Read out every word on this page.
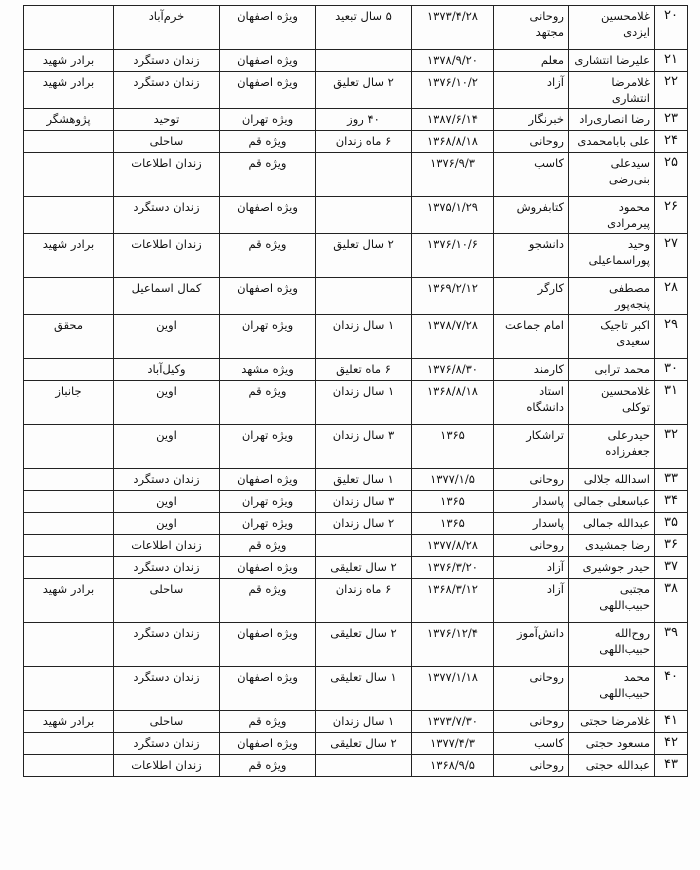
۲۰	غلامحسین ایزدی	روحانی مجتهد	۱۳۷۳/۴/۲۸	۵ سال تبعید	ویژه اصفهان	خرم‌آباد	
۲۱	علیرضا انتشاری	معلم	۱۳۷۸/۹/۲۰		ویژه اصفهان	زندان دستگرد	برادر شهید
۲۲	غلامرضا انتشاری	آزاد	۱۳۷۶/۱۰/۲	۲ سال تعلیق	ویژه اصفهان	زندان دستگرد	برادر شهید
۲۳	رضا انصاری‌راد	خبرنگار	۱۳۸۷/۶/۱۴	۴۰ روز	ویژه تهران	توحید	پژوهشگر
۲۴	علی بابامحمدی	روحانی	۱۳۶۸/۸/۱۸	۶ ماه زندان	ویژه قم	ساحلی	
۲۵	سیدعلی بنی‌رضی	کاسب	۱۳۷۶/۹/۳		ویژه قم	زندان اطلاعات	
۲۶	محمود پیرمرادی	کتابفروش	۱۳۷۵/۱/۲۹		ویژه اصفهان	زندان دستگرد	
۲۷	وحید پوراسماعیلی	دانشجو	۱۳۷۶/۱۰/۶	۲ سال تعلیق	ویژه قم	زندان اطلاعات	برادر شهید
۲۸	مصطفی پنجه‌پور	کارگر	۱۳۶۹/۲/۱۲		ویژه اصفهان	کمال اسماعیل	
۲۹	اکبر تاجیک سعیدی	امام جماعت	۱۳۷۸/۷/۲۸	۱ سال زندان	ویژه تهران	اوین	محقق
۳۰	محمد ترابی	کارمند	۱۳۷۶/۸/۳۰	۶ ماه تعلیق	ویژه مشهد	وکیل‌آباد	
۳۱	غلامحسین توکلی	استاد دانشگاه	۱۳۶۸/۸/۱۸	۱ سال زندان	ویژه قم	اوین	جانباز
۳۲	حیدرعلی جعفرزاده	تراشکار	۱۳۶۵	۳ سال زندان	ویژه تهران	اوین	
۳۳	اسدالله جلالی	روحانی	۱۳۷۷/۱/۵	۱ سال تعلیق	ویژه اصفهان	زندان دستگرد	
۳۴	عباسعلی جمالی	پاسدار	۱۳۶۵	۳ سال زندان	ویژه تهران	اوین	
۳۵	عبدالله جمالی	پاسدار	۱۳۶۵	۲ سال زندان	ویژه تهران	اوین	
۳۶	رضا جمشیدی	روحانی	۱۳۷۷/۸/۲۸		ویژه قم	زندان اطلاعات	
۳۷	حیدر جوشیری	آزاد	۱۳۷۶/۳/۲۰	۲ سال تعلیقی	ویژه اصفهان	زندان دستگرد	
۳۸	مجتبی حبیب‌اللهی	آزاد	۱۳۶۸/۳/۱۲	۶ ماه زندان	ویژه قم	ساحلی	برادر شهید
۳۹	روح‌الله حبیب‌اللهی	دانش‌آموز	۱۳۷۶/۱۲/۴	۲ سال تعلیقی	ویژه اصفهان	زندان دستگرد	
۴۰	محمد حبیب‌اللهی	روحانی	۱۳۷۷/۱/۱۸	۱ سال تعلیقی	ویژه اصفهان	زندان دستگرد	
۴۱	غلامرضا حجتی	روحانی	۱۳۷۳/۷/۳۰	۱ سال زندان	ویژه قم	ساحلی	برادر شهید
۴۲	مسعود حجتی	کاسب	۱۳۷۷/۴/۳	۲ سال تعلیقی	ویژه اصفهان	زندان دستگرد	
۴۳	عبدالله حجتی	روحانی	۱۳۶۸/۹/۵		ویژه قم	زندان اطلاعات	
